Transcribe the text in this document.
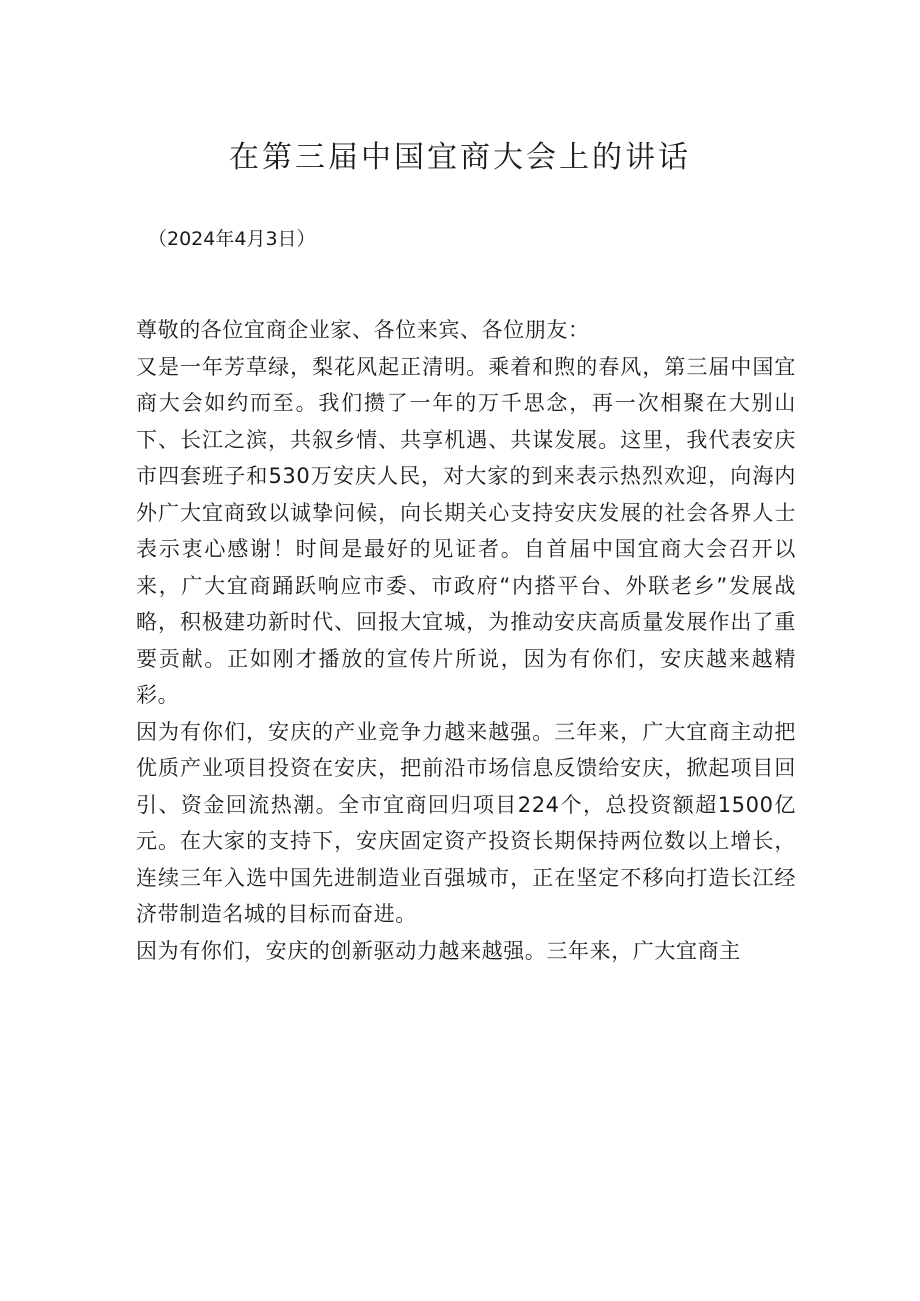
在第三届中国宜商大会上的讲话
（2024年4月3日）

尊敬的各位宜商企业家、各位来宾、各位朋友：

又是一年芳草绿，梨花风起正清明。乘着和煦的春风，第三届中国宜商大会如约而至。我们攒了一年的万千思念，再一次相聚在大别山下、长江之滨，共叙乡情、共享机遇、共谋发展。这里，我代表安庆市四套班子和530万安庆人民，对大家的到来表示热烈欢迎，向海内外广大宜商致以诚挚问候，向长期关心支持安庆发展的社会各界人士表示衷心感谢！时间是最好的见证者。自首届中国宜商大会召开以来，广大宜商踊跃响应市委、市政府“内搭平台、外联老乡”发展战略，积极建功新时代、回报大宜城，为推动安庆高质量发展作出了重要贡献。正如刚才播放的宣传片所说，因为有你们，安庆越来越精彩。

因为有你们，安庆的产业竞争力越来越强。三年来，广大宜商主动把优质产业项目投资在安庆，把前沿市场信息反馈给安庆，掀起项目回引、资金回流热潮。全市宜商回归项目224个，总投资额超1500亿元。在大家的支持下，安庆固定资产投资长期保持两位数以上增长，连续三年入选中国先进制造业百强城市，正在坚定不移向打造长江经济带制造名城的目标而奋进。

因为有你们，安庆的创新驱动力越来越强。三年来，广大宜商主
